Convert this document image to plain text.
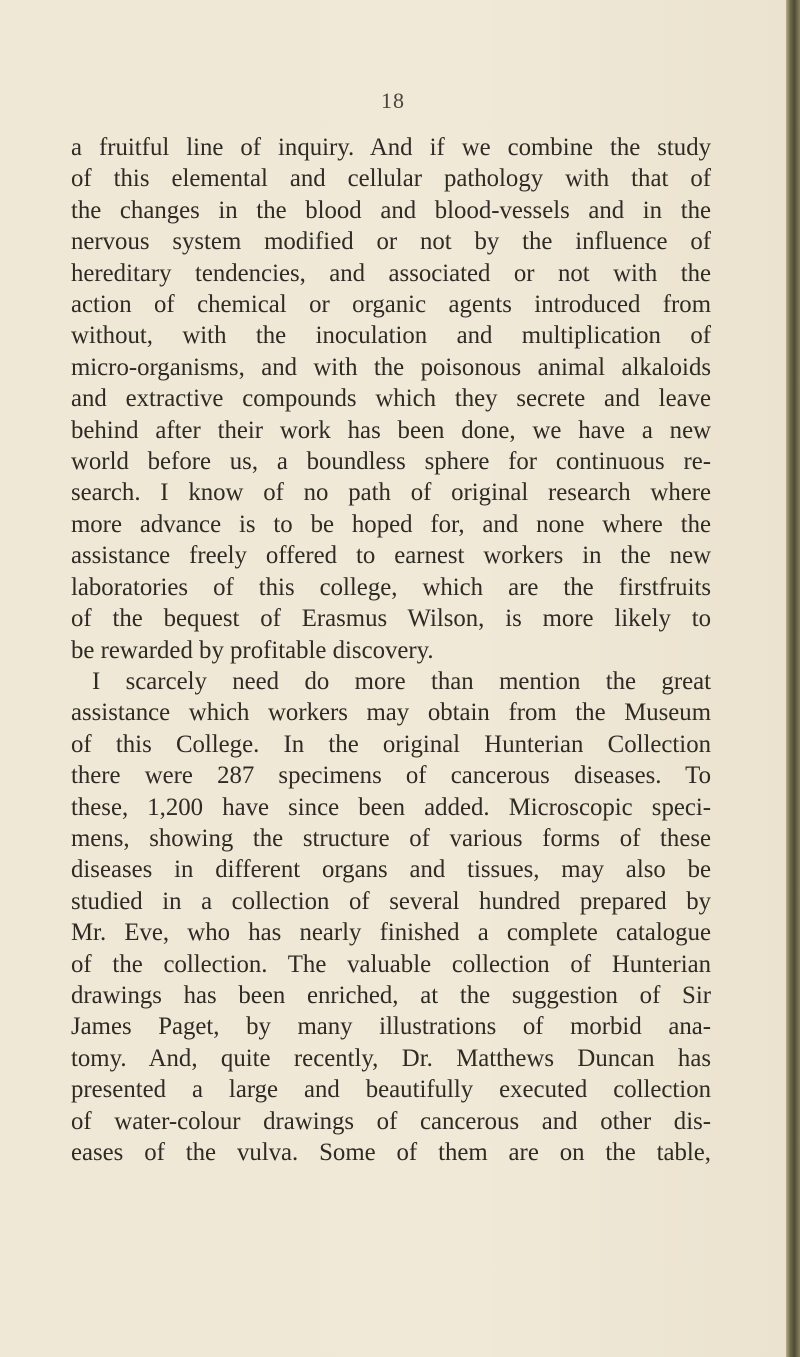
18
a fruitful line of inquiry. And if we combine the study
of this elemental and cellular pathology with that of
the changes in the blood and blood-vessels and in the
nervous system modified or not by the influence of
hereditary tendencies, and associated or not with the
action of chemical or organic agents introduced from
without, with the inoculation and multiplication of
micro-organisms, and with the poisonous animal alkaloids
and extractive compounds which they secrete and leave
behind after their work has been done, we have a new
world before us, a boundless sphere for continuous re-
search. I know of no path of original research where
more advance is to be hoped for, and none where the
assistance freely offered to earnest workers in the new
laboratories of this college, which are the firstfruits
of the bequest of Erasmus Wilson, is more likely to
be rewarded by profitable discovery.
I scarcely need do more than mention the great
assistance which workers may obtain from the Museum
of this College. In the original Hunterian Collection
there were 287 specimens of cancerous diseases. To
these, 1,200 have since been added. Microscopic speci-
mens, showing the structure of various forms of these
diseases in different organs and tissues, may also be
studied in a collection of several hundred prepared by
Mr. Eve, who has nearly finished a complete catalogue
of the collection. The valuable collection of Hunterian
drawings has been enriched, at the suggestion of Sir
James Paget, by many illustrations of morbid ana-
tomy. And, quite recently, Dr. Matthews Duncan has
presented a large and beautifully executed collection
of water-colour drawings of cancerous and other dis-
eases of the vulva. Some of them are on the table,
